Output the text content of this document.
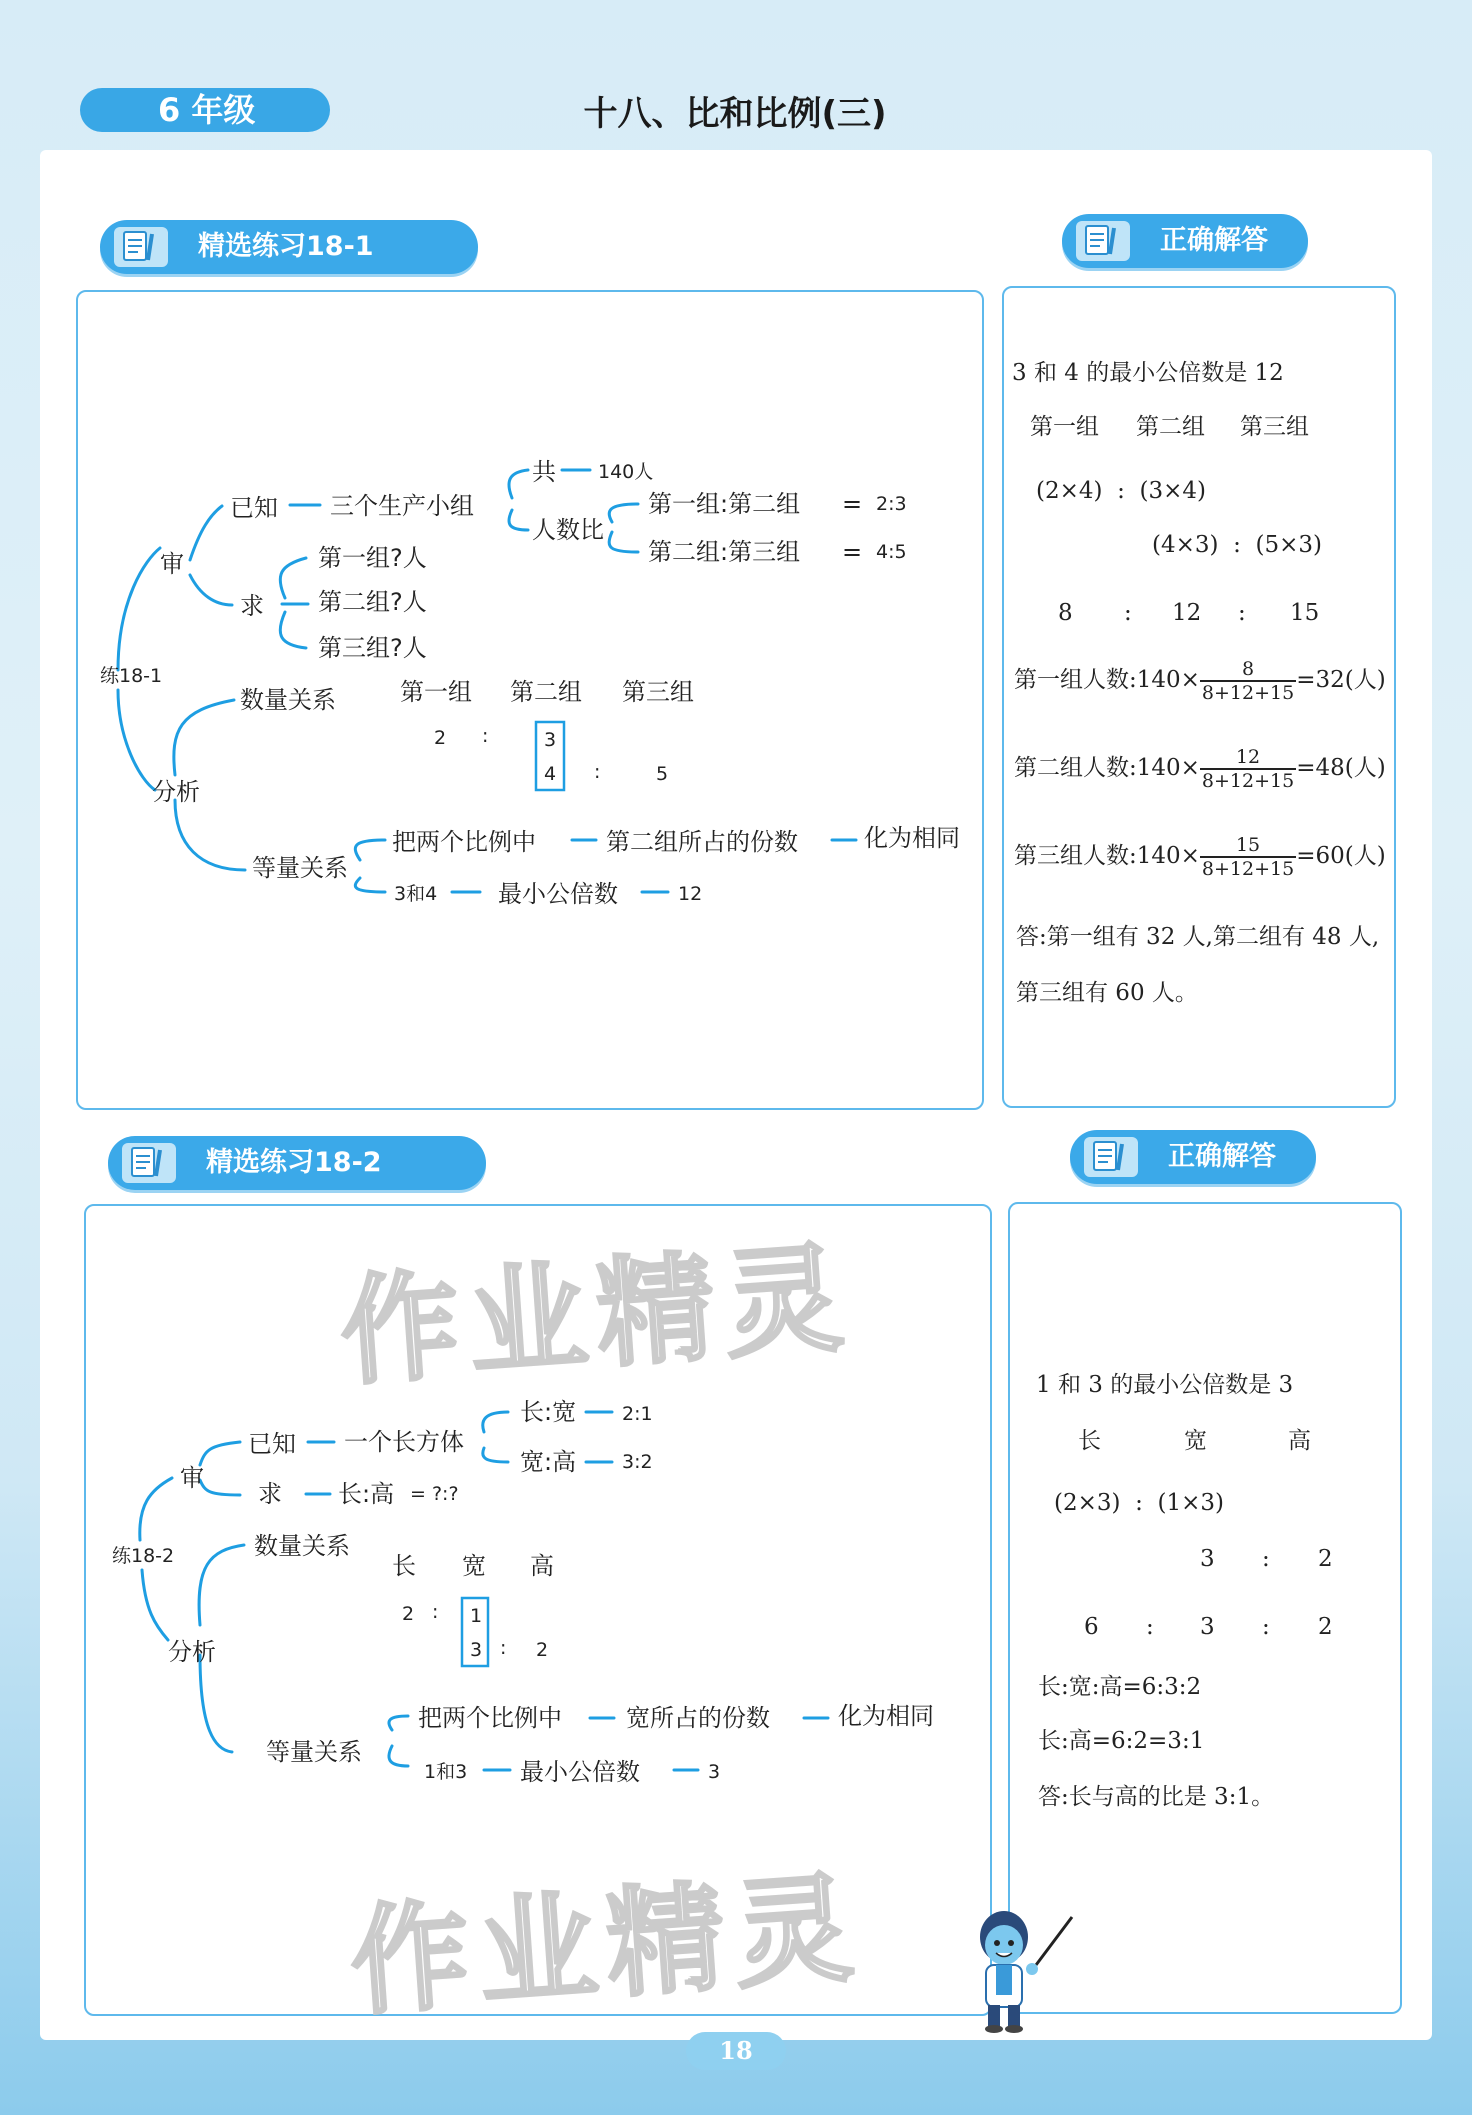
6 年级	十八、比和比例(三)
精选练习18-1	正确解答
精选练习18-2	正确解答
作业精灵
作业精灵
练18-1
审
已知 三个生产小组
共 140人
人数比
第一组:第二组 = 2:3
第二组:第三组 = 4:5
求
第一组?人
第二组?人
第三组?人
分析
数量关系	第一组 第二组 第三组
2 :	3
4 :	5
等量关系
把两个比例中	第二组所占的份数	化为相同
3和4	最小公倍数	12
3 和 4 的最小公倍数是 12
第一组 第二组 第三组
(2×4)  :  (3×4)
(4×3)  :  (5×3)
8 : 12 : 15
第一组人数:140× $\frac{8}{8+12+15} =32$(人)
第二组人数:140× $\frac{12}{8+12+15} =48$(人)
第三组人数:140× $\frac{15}{8+12+15} =60$(人)
答:第一组有 32 人,第二组有 48 人,
第三组有 60 人。
练18-2
审
已知 一个长方体
长:宽 2:1
宽:高 3:2
求 长:高 = ?:?
分析
数量关系
长 宽 高
2 : 1
3 : 2
等量关系
把两个比例中	宽所占的份数	化为相同
1和3 最小公倍数	3
1 和 3 的最小公倍数是 3
长	宽	高
(2×3)  :  (1×3)
3 : 2
6 : 3 : 2
长:宽:高=6:3:2
长:高=6:2=3:1
答:长与高的比是 3:1。
18
